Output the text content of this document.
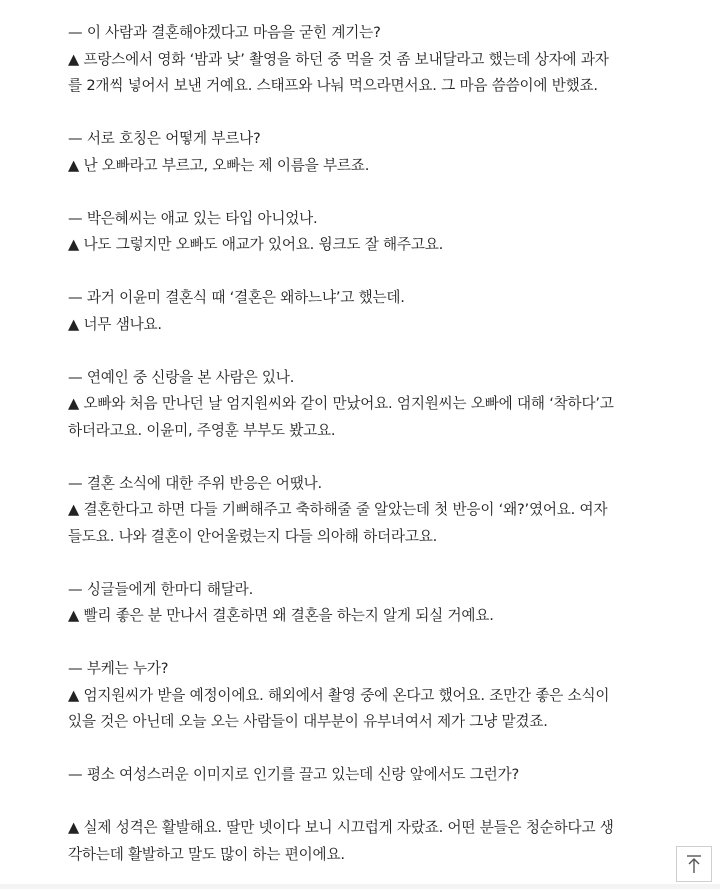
— 이 사람과 결혼해야겠다고 마음을 굳힌 계기는?
▲ 프랑스에서 영화 ‘밤과 낮’ 촬영을 하던 중 먹을 것 좀 보내달라고 했는데 상자에 과자
를 2개씩 넣어서 보낸 거예요. 스태프와 나눠 먹으라면서요. 그 마음 씀씀이에 반했죠.
— 서로 호칭은 어떻게 부르나?
▲ 난 오빠라고 부르고, 오빠는 제 이름을 부르죠.
— 박은혜씨는 애교 있는 타입 아니었나.
▲ 나도 그렇지만 오빠도 애교가 있어요. 윙크도 잘 해주고요.
— 과거 이윤미 결혼식 때 ‘결혼은 왜하느냐’고 했는데.
▲ 너무 샘나요.
— 연예인 중 신랑을 본 사람은 있나.
▲ 오빠와 처음 만나던 날 엄지원씨와 같이 만났어요. 엄지원씨는 오빠에 대해 ‘착하다’고
하더라고요. 이윤미, 주영훈 부부도 봤고요.
— 결혼 소식에 대한 주위 반응은 어땠나.
▲ 결혼한다고 하면 다들 기뻐해주고 축하해줄 줄 알았는데 첫 반응이 ‘왜?’였어요. 여자
들도요. 나와 결혼이 안어울렸는지 다들 의아해 하더라고요.
— 싱글들에게 한마디 해달라.
▲ 빨리 좋은 분 만나서 결혼하면 왜 결혼을 하는지 알게 되실 거예요.
— 부케는 누가?
▲ 엄지원씨가 받을 예정이에요. 해외에서 촬영 중에 온다고 했어요. 조만간 좋은 소식이
있을 것은 아닌데 오늘 오는 사람들이 대부분이 유부녀여서 제가 그냥 맡겼죠.
— 평소 여성스러운 이미지로 인기를 끌고 있는데 신랑 앞에서도 그런가?
▲ 실제 성격은 활발해요. 딸만 넷이다 보니 시끄럽게 자랐죠. 어떤 분들은 청순하다고 생
각하는데 활발하고 말도 많이 하는 편이에요.
